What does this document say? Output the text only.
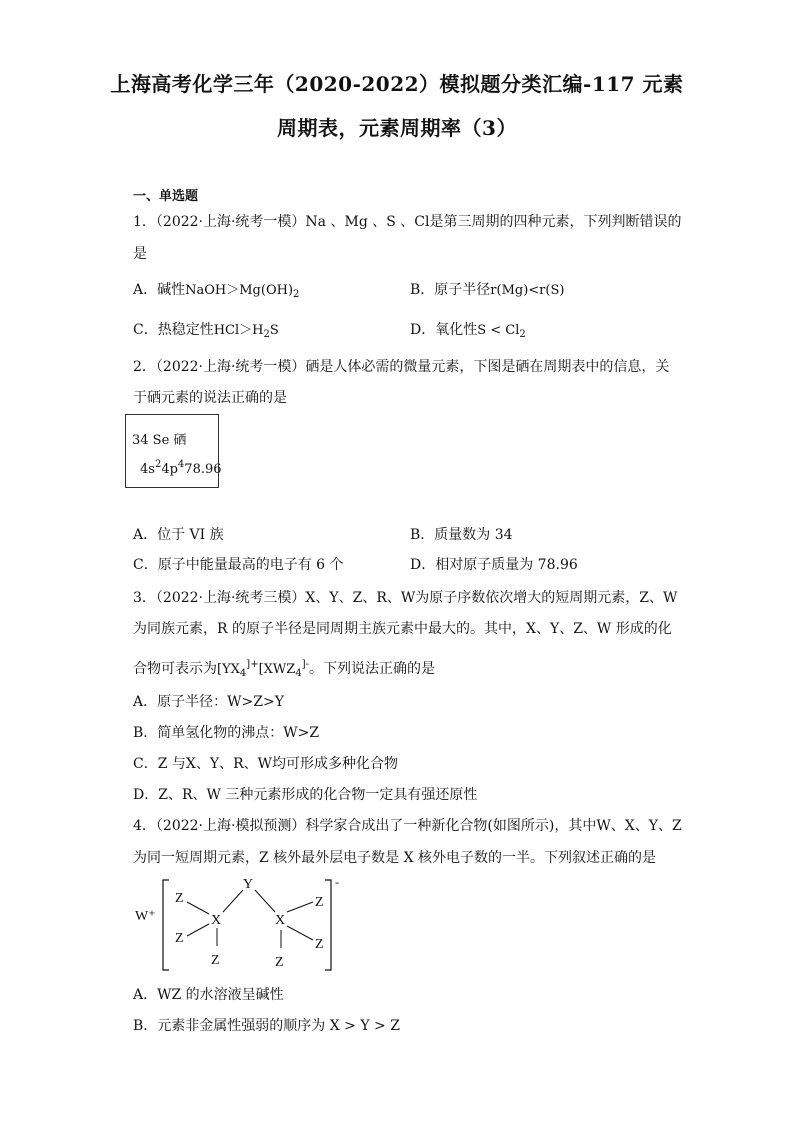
上海高考化学三年（2020-2022）模拟题分类汇编-117 元素
周期表，元素周期率（3）
一、单选题
1．（2022·上海·统考一模）Na 、Mg 、S 、Cl是第三周期的四种元素，下列判断错误的
是
A．碱性$NaOH>Mg(OH)_2$	B．原子半径r(Mg)<r(S)
C．热稳定性$HCl>H_2S$	D．氧化性$S < Cl_2$
2．（2022·上海·统考一模）硒是人体必需的微量元素，下图是硒在周期表中的信息，关
于硒元素的说法正确的是
34 Se 硒
$4s^24p^478.96$
A．位于 VI 族	B．质量数为 34
C．原子中能量最高的电子有 6 个	D．相对原子质量为 78.96
3．（2022·上海·统考三模）X、Y、Z、R、W为原子序数依次增大的短周期元素，Z、W
为同族元素，R 的原子半径是同周期主族元素中最大的。其中，X、Y、Z、W 形成的化
合物可表示为[$YX_4^{]+}[XWZ_4^{]-}$。下列说法正确的是
A．原子半径：W>Z>Y
B．简单氢化物的沸点：W>Z
C．Z 与X、Y、R、W均可形成多种化合物
D．Z、R、W 三种元素形成的化合物一定具有强还原性
4．（2022·上海·模拟预测）科学家合成出了一种新化合物(如图所示)，其中W、X、Y、Z
为同一短周期元素，Z 核外最外层电子数是 X 核外电子数的一半。下列叙述正确的是
W⁺
-
Z
X
Z
Z
Y
X
Z
Z
Z
A．WZ 的水溶液呈碱性
B．元素非金属性强弱的顺序为 X > Y > Z
